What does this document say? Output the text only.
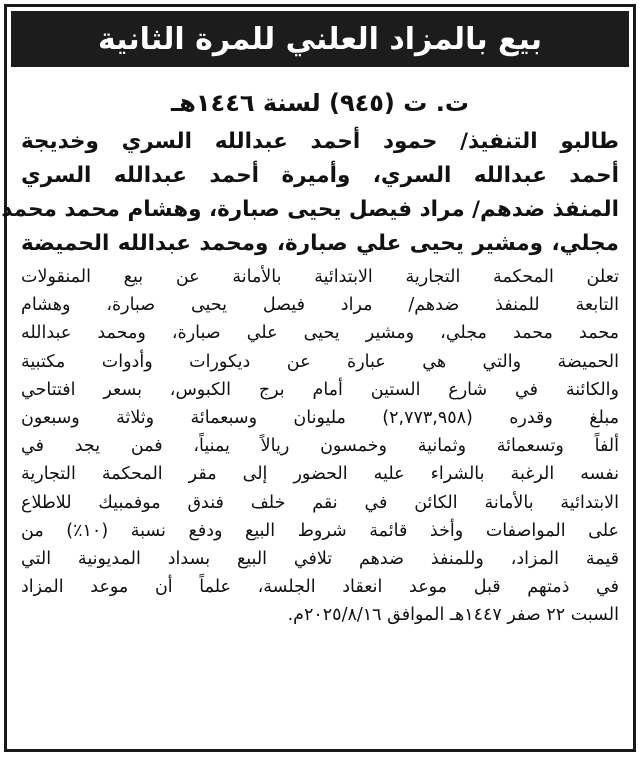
بيع بالمزاد العلني للمرة الثانية
ت. ت (٩٤٥) لسنة ١٤٤٦هـ
طالبو التنفيذ/ حمود أحمد عبدالله السري وخديجة
أحمد عبدالله السري، وأميرة أحمد عبدالله السري
المنفذ ضدهم/ مراد فيصل يحيى صبارة، وهشام محمد محمد
مجلي، ومشير يحيى علي صبارة، ومحمد عبدالله الحميضة
تعلن المحكمة التجارية الابتدائية بالأمانة عن بيع المنقولات
التابعة للمنفذ ضدهم/ مراد فيصل يحيى صبارة، وهشام
محمد محمد مجلي، ومشير يحيى علي صبارة، ومحمد عبدالله
الحميضة والتي هي عبارة عن ديكورات وأدوات مكتبية
والكائنة في شارع الستين أمام برج الكبوس، بسعر افتتاحي
مبلغ وقدره (٢,٧٧٣,٩٥٨) مليونان وسبعمائة وثلاثة وسبعون
ألفاً وتسعمائة وثمانية وخمسون ريالاً يمنياً، فمن يجد في
نفسه الرغبة بالشراء عليه الحضور إلى مقر المحكمة التجارية
الابتدائية بالأمانة الكائن في نقم خلف فندق موفمبيك للاطلاع
على المواصفات وأخذ قائمة شروط البيع ودفع نسبة (١٠٪) من
قيمة المزاد، وللمنفذ ضدهم تلافي البيع بسداد المديونية التي
في ذمتهم قبل موعد انعقاد الجلسة، علماً أن موعد المزاد
السبت ٢٢ صفر ١٤٤٧هـ الموافق ٢٠٢٥/٨/١٦م.
